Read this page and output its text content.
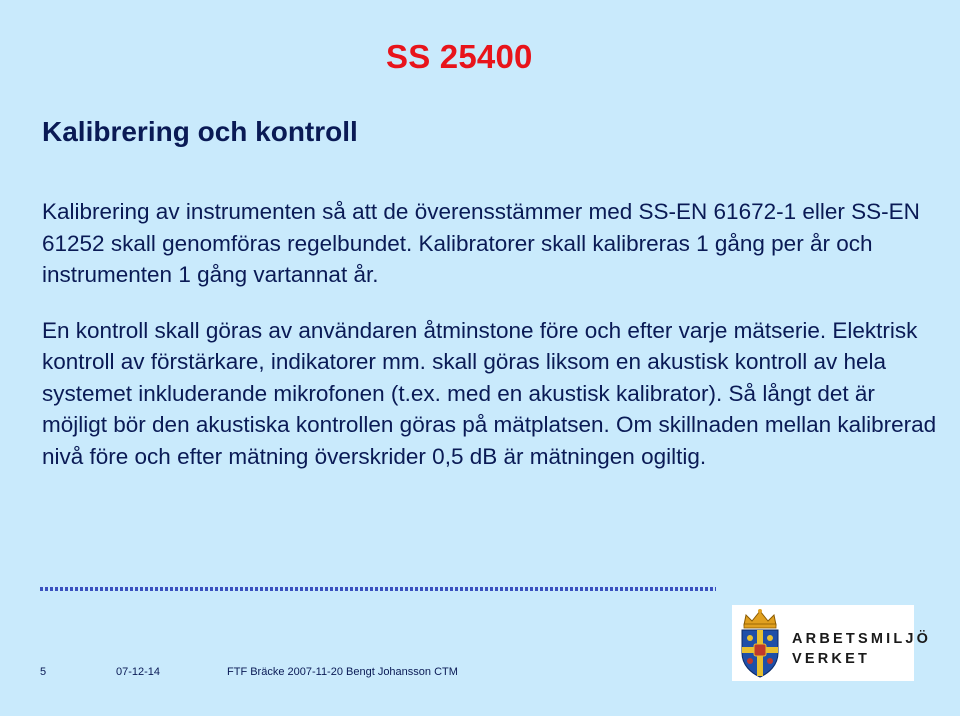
SS 25400
Kalibrering och kontroll

Kalibrering av instrumenten så att de överensstämmer med SS-EN 61672-1 eller SS-EN 61252 skall genomföras regelbundet. Kalibratorer skall kalibreras 1 gång per år och instrumenten 1 gång vartannat år.

En kontroll skall göras av användaren åtminstone före och efter varje mätserie. Elektrisk kontroll av förstärkare, indikatorer mm. skall göras liksom en akustisk kontroll av hela systemet inkluderande mikrofonen (t.ex. med en akustisk kalibrator). Så långt det är möjligt bör den akustiska kontrollen göras på mätplatsen. Om skillnaden mellan kalibrerad nivå före och efter mätning överskrider 0,5 dB är mätningen ogiltig.

5	07-12-14	FTF Bräcke 2007-11-20 Bengt Johansson CTM
ARBETSMILJÖ
VERKET
